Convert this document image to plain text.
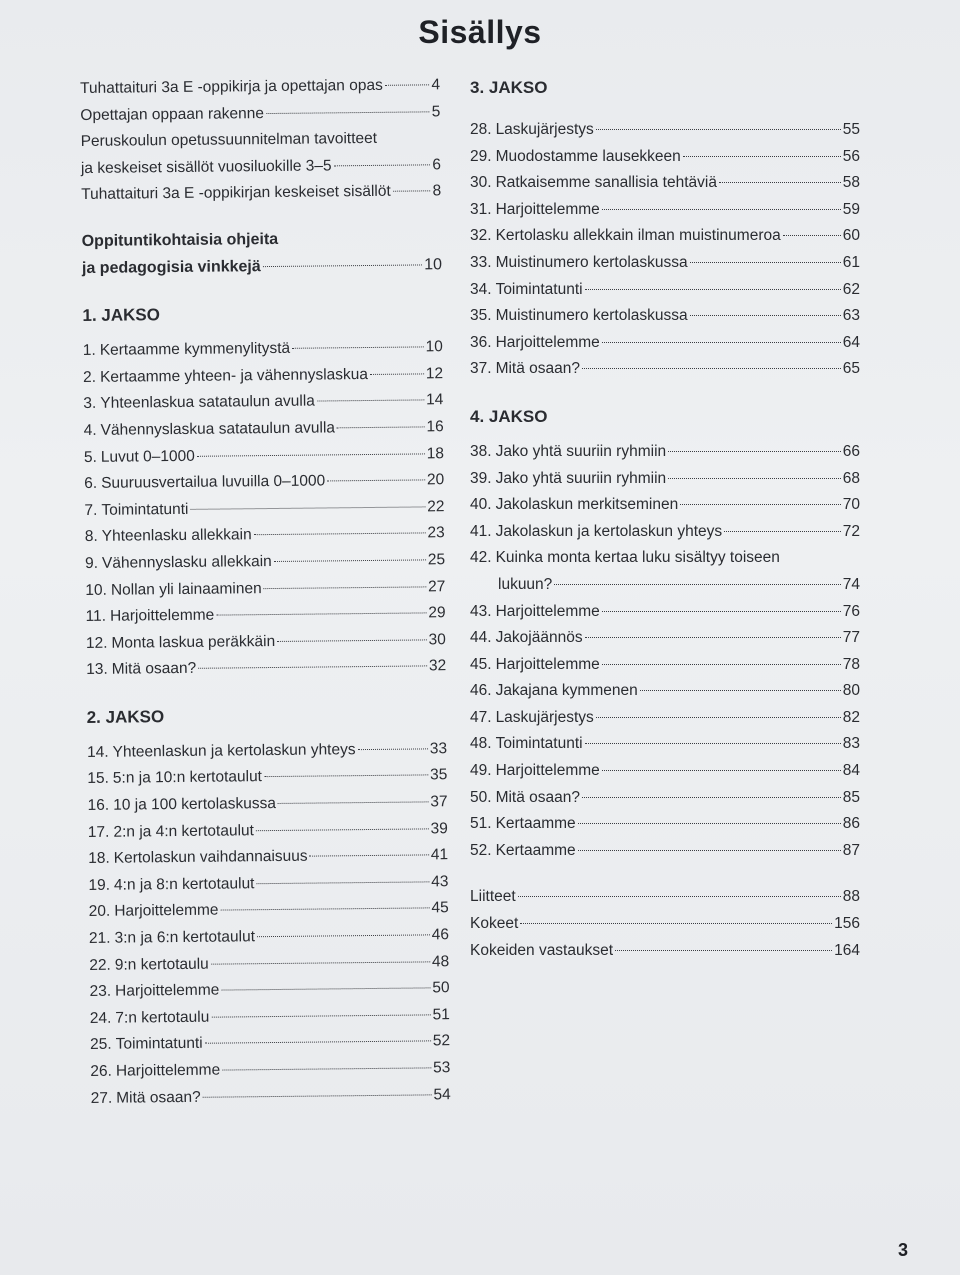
Sisällys
Tuhattaituri 3a E -oppikirja ja opettajan opas	4
Opettajan oppaan rakenne	5
Peruskoulun opetussuunnitelman tavoitteet
ja keskeiset sisällöt vuosiluokille 3–5	6
Tuhattaituri 3a E -oppikirjan keskeiset sisällöt	8
Oppituntikohtaisia ohjeita
ja pedagogisia vinkkejä	10
1. JAKSO
1. Kertaamme kymmenylitystä	10
2. Kertaamme yhteen- ja vähennyslaskua	12
3. Yhteenlaskua satataulun avulla	14
4. Vähennyslaskua satataulun avulla	16
5. Luvut 0–1000	18
6. Suuruusvertailua luvuilla 0–1000	20
7. Toimintatunti	22
8. Yhteenlasku allekkain	23
9. Vähennyslasku allekkain	25
10. Nollan yli lainaaminen	27
11. Harjoittelemme	29
12. Monta laskua peräkkäin	30
13. Mitä osaan?	32
2. JAKSO
14. Yhteenlaskun ja kertolaskun yhteys	33
15. 5:n ja 10:n kertotaulut	35
16. 10 ja 100 kertolaskussa	37
17. 2:n ja 4:n kertotaulut	39
18. Kertolaskun vaihdannaisuus	41
19. 4:n ja 8:n kertotaulut	43
20. Harjoittelemme	45
21. 3:n ja 6:n kertotaulut	46
22. 9:n kertotaulu	48
23. Harjoittelemme	50
24. 7:n kertotaulu	51
25. Toimintatunti	52
26. Harjoittelemme	53
27. Mitä osaan?	54
3. JAKSO
28. Laskujärjestys	55
29. Muodostamme lausekkeen	56
30. Ratkaisemme sanallisia tehtäviä	58
31. Harjoittelemme	59
32. Kertolasku allekkain ilman muistinumeroa	60
33. Muistinumero kertolaskussa	61
34. Toimintatunti	62
35. Muistinumero kertolaskussa	63
36. Harjoittelemme	64
37. Mitä osaan?	65
4. JAKSO
38. Jako yhtä suuriin ryhmiin	66
39. Jako yhtä suuriin ryhmiin	68
40. Jakolaskun merkitseminen	70
41. Jakolaskun ja kertolaskun yhteys	72
42. Kuinka monta kertaa luku sisältyy toiseen
lukuun?	74
43. Harjoittelemme	76
44. Jakojäännös	77
45. Harjoittelemme	78
46. Jakajana kymmenen	80
47. Laskujärjestys	82
48. Toimintatunti	83
49. Harjoittelemme	84
50. Mitä osaan?	85
51. Kertaamme	86
52. Kertaamme	87
Liitteet	88
Kokeet	156
Kokeiden vastaukset	164
3
